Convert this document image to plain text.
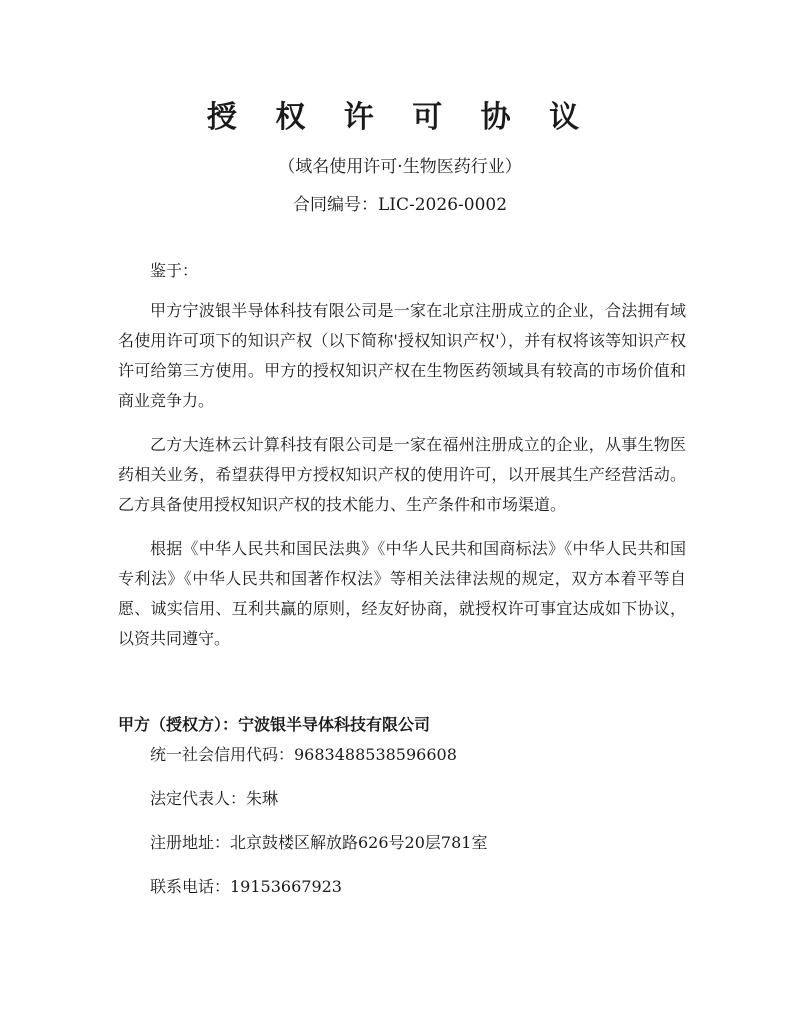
授 权 许 可 协 议
（域名使用许可·生物医药行业）
合同编号：LIC-2026-0002
鉴于：

甲方宁波银半导体科技有限公司是一家在北京注册成立的企业，合法拥有域名使用许可项下的知识产权（以下简称'授权知识产权'），并有权将该等知识产权许可给第三方使用。甲方的授权知识产权在生物医药领域具有较高的市场价值和商业竞争力。

乙方大连林云计算科技有限公司是一家在福州注册成立的企业，从事生物医药相关业务，希望获得甲方授权知识产权的使用许可，以开展其生产经营活动。乙方具备使用授权知识产权的技术能力、生产条件和市场渠道。

根据《中华人民共和国民法典》《中华人民共和国商标法》《中华人民共和国专利法》《中华人民共和国著作权法》等相关法律法规的规定，双方本着平等自愿、诚实信用、互利共赢的原则，经友好协商，就授权许可事宜达成如下协议，以资共同遵守。

甲方（授权方）：宁波银半导体科技有限公司
统一社会信用代码：9683488538596608
法定代表人：朱琳
注册地址：北京鼓楼区解放路626号20层781室
联系电话：19153667923
